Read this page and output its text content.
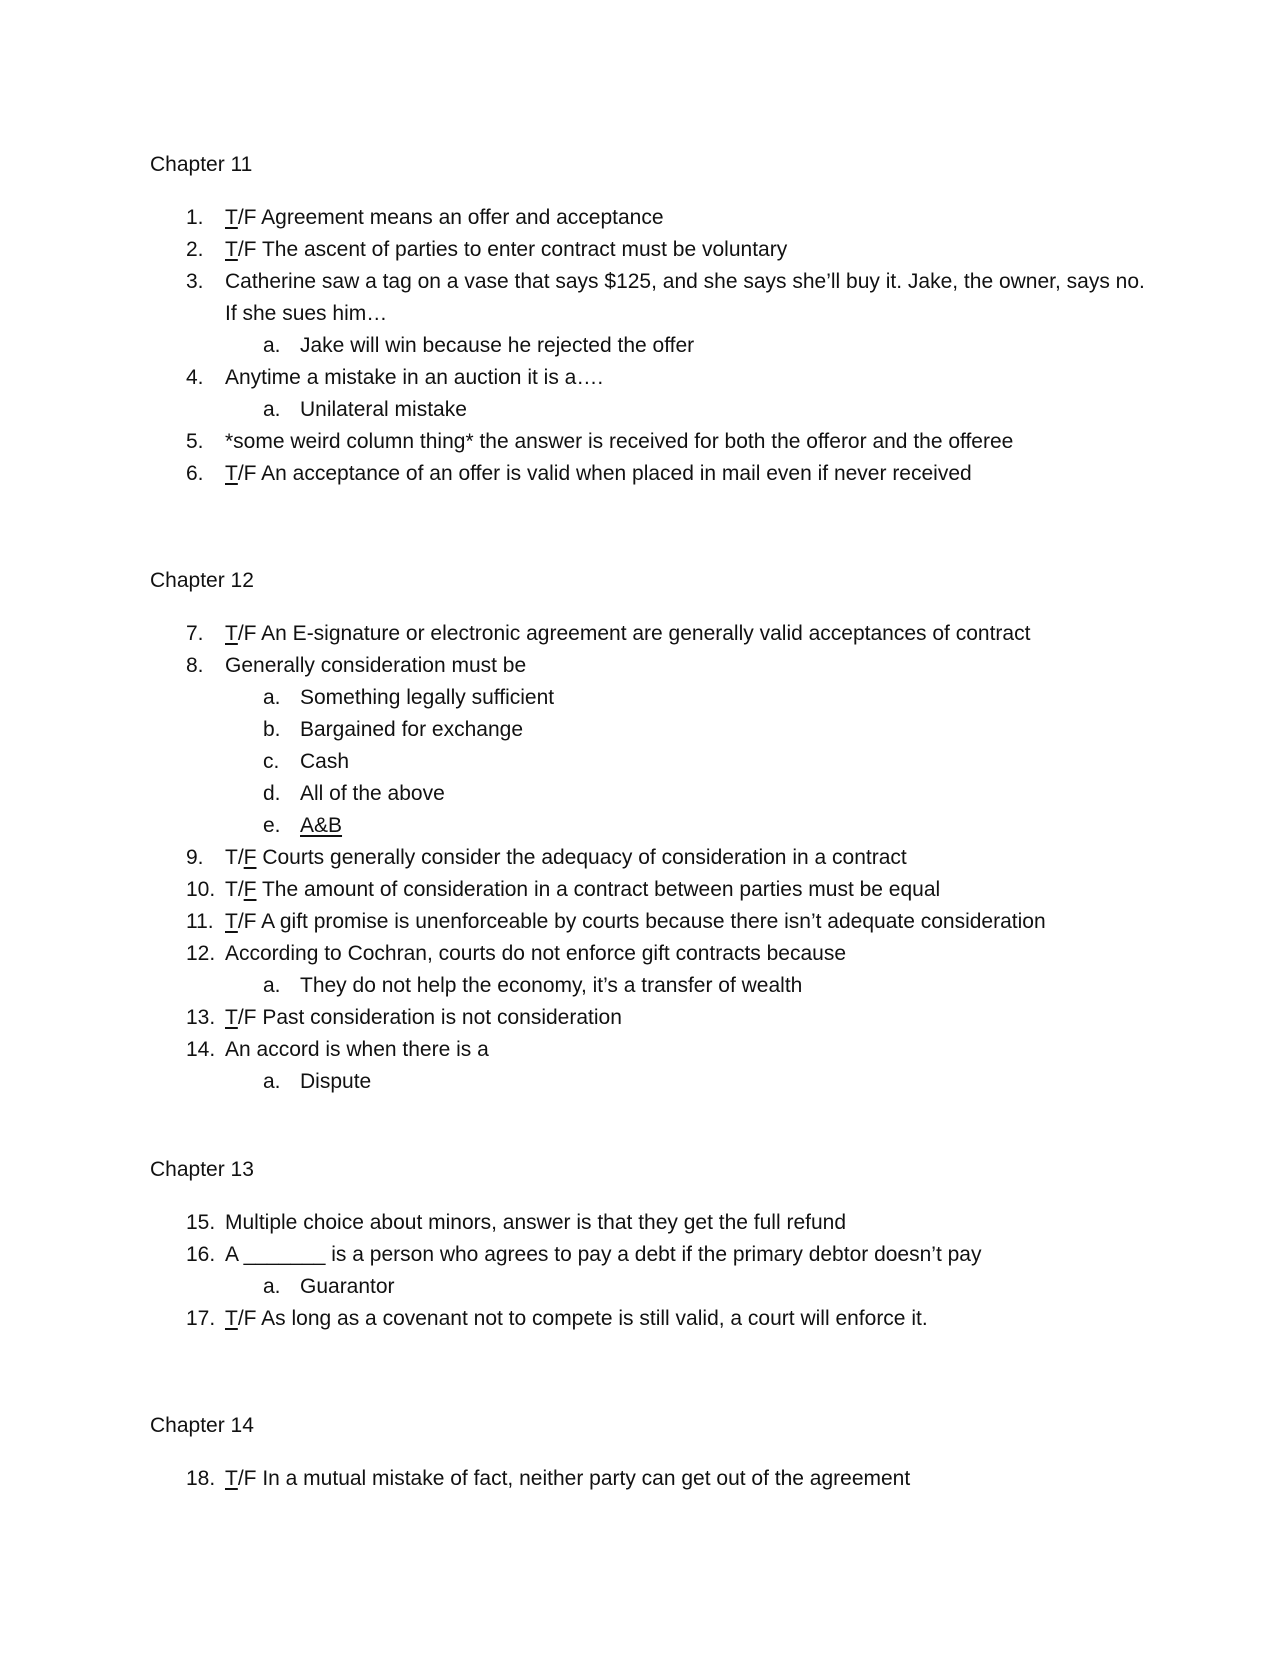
Chapter 11
1. T/F Agreement means an offer and acceptance
2. T/F The ascent of parties to enter contract must be voluntary
3. Catherine saw a tag on a vase that says $125, and she says she’ll buy it. Jake, the owner, says no.
If she sues him…
a. Jake will win because he rejected the offer
4. Anytime a mistake in an auction it is a….
a. Unilateral mistake
5. *some weird column thing* the answer is received for both the offeror and the offeree
6. T/F An acceptance of an offer is valid when placed in mail even if never received
Chapter 12
7. T/F An E-signature or electronic agreement are generally valid acceptances of contract
8. Generally consideration must be
a. Something legally sufficient
b. Bargained for exchange
c. Cash
d. All of the above
e. A&B
9. T/F Courts generally consider the adequacy of consideration in a contract
10. T/F The amount of consideration in a contract between parties must be equal
11. T/F A gift promise is unenforceable by courts because there isn’t adequate consideration
12. According to Cochran, courts do not enforce gift contracts because
a. They do not help the economy, it’s a transfer of wealth
13. T/F Past consideration is not consideration
14. An accord is when there is a
a. Dispute
Chapter 13
15. Multiple choice about minors, answer is that they get the full refund
16. A _______ is a person who agrees to pay a debt if the primary debtor doesn’t pay
a. Guarantor
17. T/F As long as a covenant not to compete is still valid, a court will enforce it.
Chapter 14
18. T/F In a mutual mistake of fact, neither party can get out of the agreement
